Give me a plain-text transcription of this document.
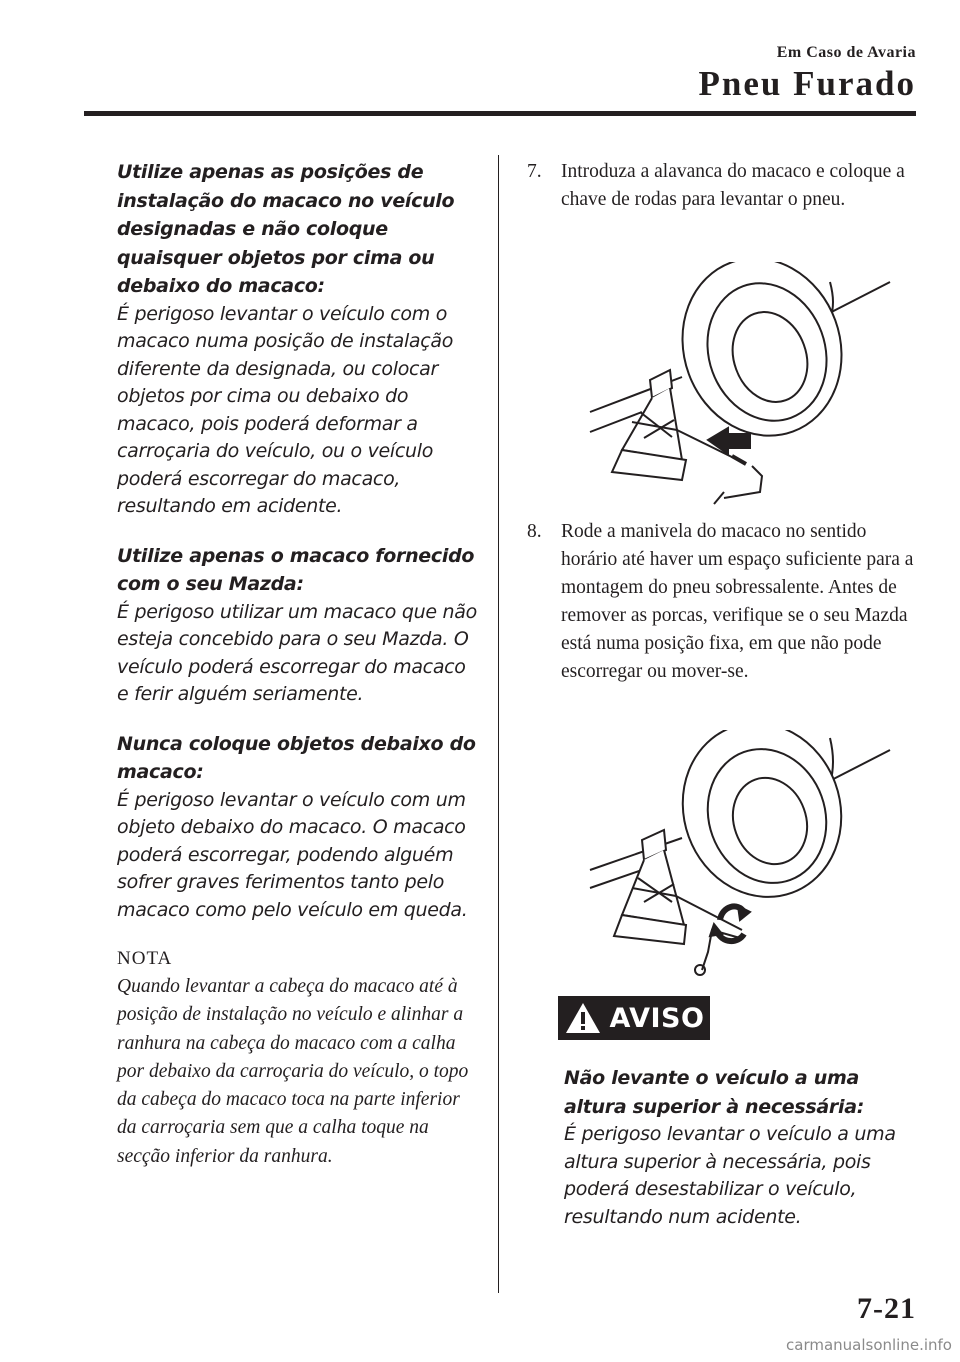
Em Caso de Avaria
Pneu Furado
Utilize apenas as posições de instalação do macaco no veículo designadas e não coloque quaisquer objetos por cima ou debaixo do macaco:
É perigoso levantar o veículo com o macaco numa posição de instalação diferente da designada, ou colocar objetos por cima ou debaixo do macaco, pois poderá deformar a carroçaria do veículo, ou o veículo poderá escorregar do macaco, resultando em acidente.
Utilize apenas o macaco fornecido com o seu Mazda:
É perigoso utilizar um macaco que não esteja concebido para o seu Mazda. O veículo poderá escorregar do macaco e ferir alguém seriamente.
Nunca coloque objetos debaixo do macaco:
É perigoso levantar o veículo com um objeto debaixo do macaco. O macaco poderá escorregar, podendo alguém sofrer graves ferimentos tanto pelo macaco como pelo veículo em queda.
NOTA
Quando levantar a cabeça do macaco até à posição de instalação no veículo e alinhar a ranhura na cabeça do macaco com a calha por debaixo da carroçaria do veículo, o topo da cabeça do macaco toca na parte inferior da carroçaria sem que a calha toque na secção inferior da ranhura.
7. Introduza a alavanca do macaco e coloque a chave de rodas para levantar o pneu.
8. Rode a manivela do macaco no sentido horário até haver um espaço suficiente para a montagem do pneu sobressalente. Antes de remover as porcas, verifique se o seu Mazda está numa posição fixa, em que não pode escorregar ou mover-se.
AVISO
Não levante o veículo a uma altura superior à necessária:
É perigoso levantar o veículo a uma altura superior à necessária, pois poderá desestabilizar o veículo, resultando num acidente.
7-21
carmanualsonline.info
